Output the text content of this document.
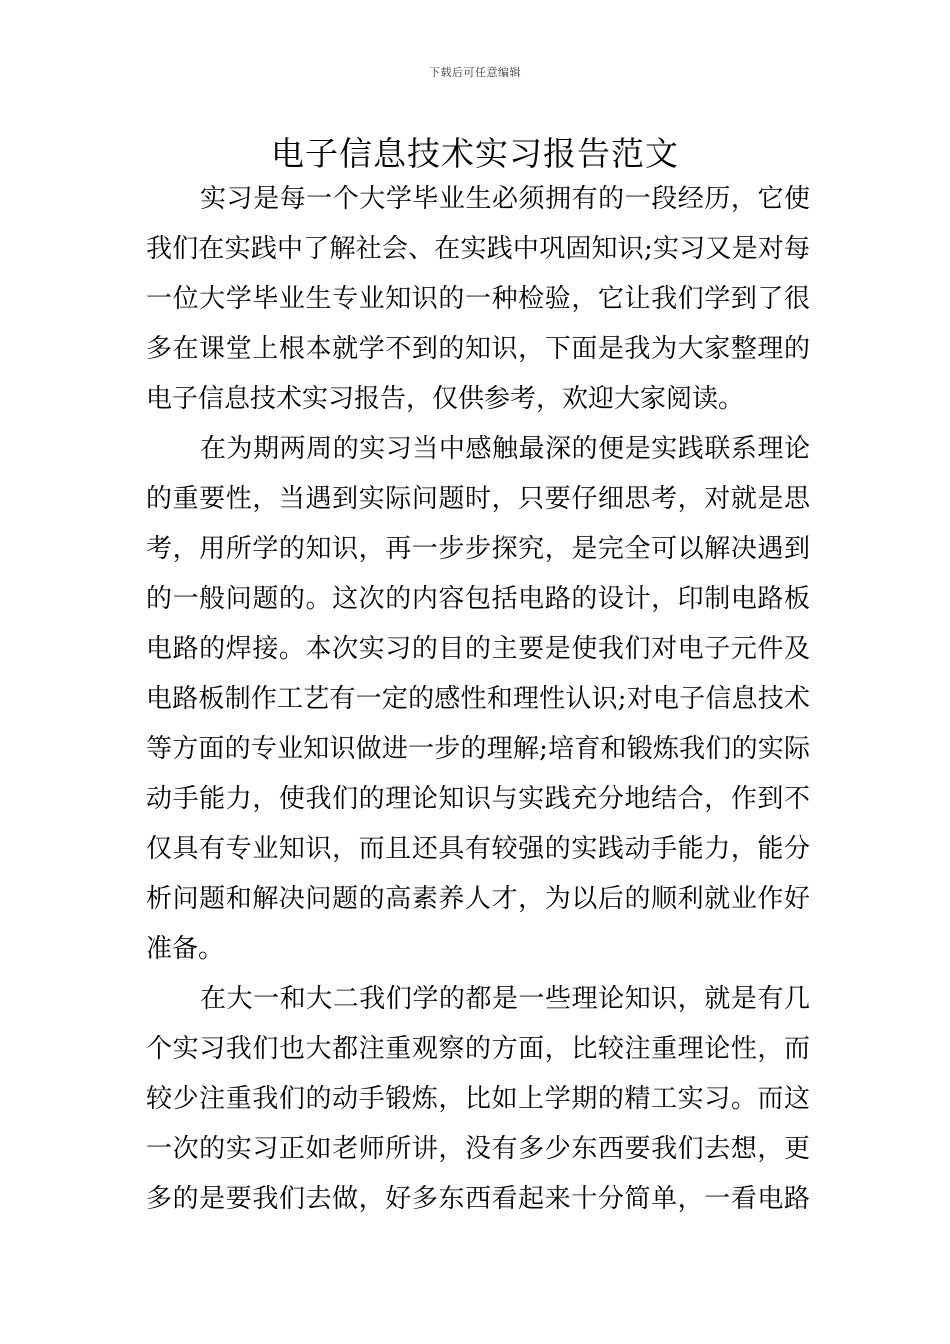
下载后可任意编辑
电子信息技术实习报告范文
实习是每一个大学毕业生必须拥有的一段经历，它使
我们在实践中了解社会、在实践中巩固知识;实习又是对每
一位大学毕业生专业知识的一种检验，它让我们学到了很
多在课堂上根本就学不到的知识，下面是我为大家整理的
电子信息技术实习报告，仅供参考，欢迎大家阅读。
在为期两周的实习当中感触最深的便是实践联系理论
的重要性，当遇到实际问题时，只要仔细思考，对就是思
考，用所学的知识，再一步步探究，是完全可以解决遇到
的一般问题的。这次的内容包括电路的设计，印制电路板
电路的焊接。本次实习的目的主要是使我们对电子元件及
电路板制作工艺有一定的感性和理性认识;对电子信息技术
等方面的专业知识做进一步的理解;培育和锻炼我们的实际
动手能力，使我们的理论知识与实践充分地结合，作到不
仅具有专业知识，而且还具有较强的实践动手能力，能分
析问题和解决问题的高素养人才，为以后的顺利就业作好
准备。
在大一和大二我们学的都是一些理论知识，就是有几
个实习我们也大都注重观察的方面，比较注重理论性，而
较少注重我们的动手锻炼，比如上学期的精工实习。而这
一次的实习正如老师所讲，没有多少东西要我们去想，更
多的是要我们去做，好多东西看起来十分简单，一看电路
